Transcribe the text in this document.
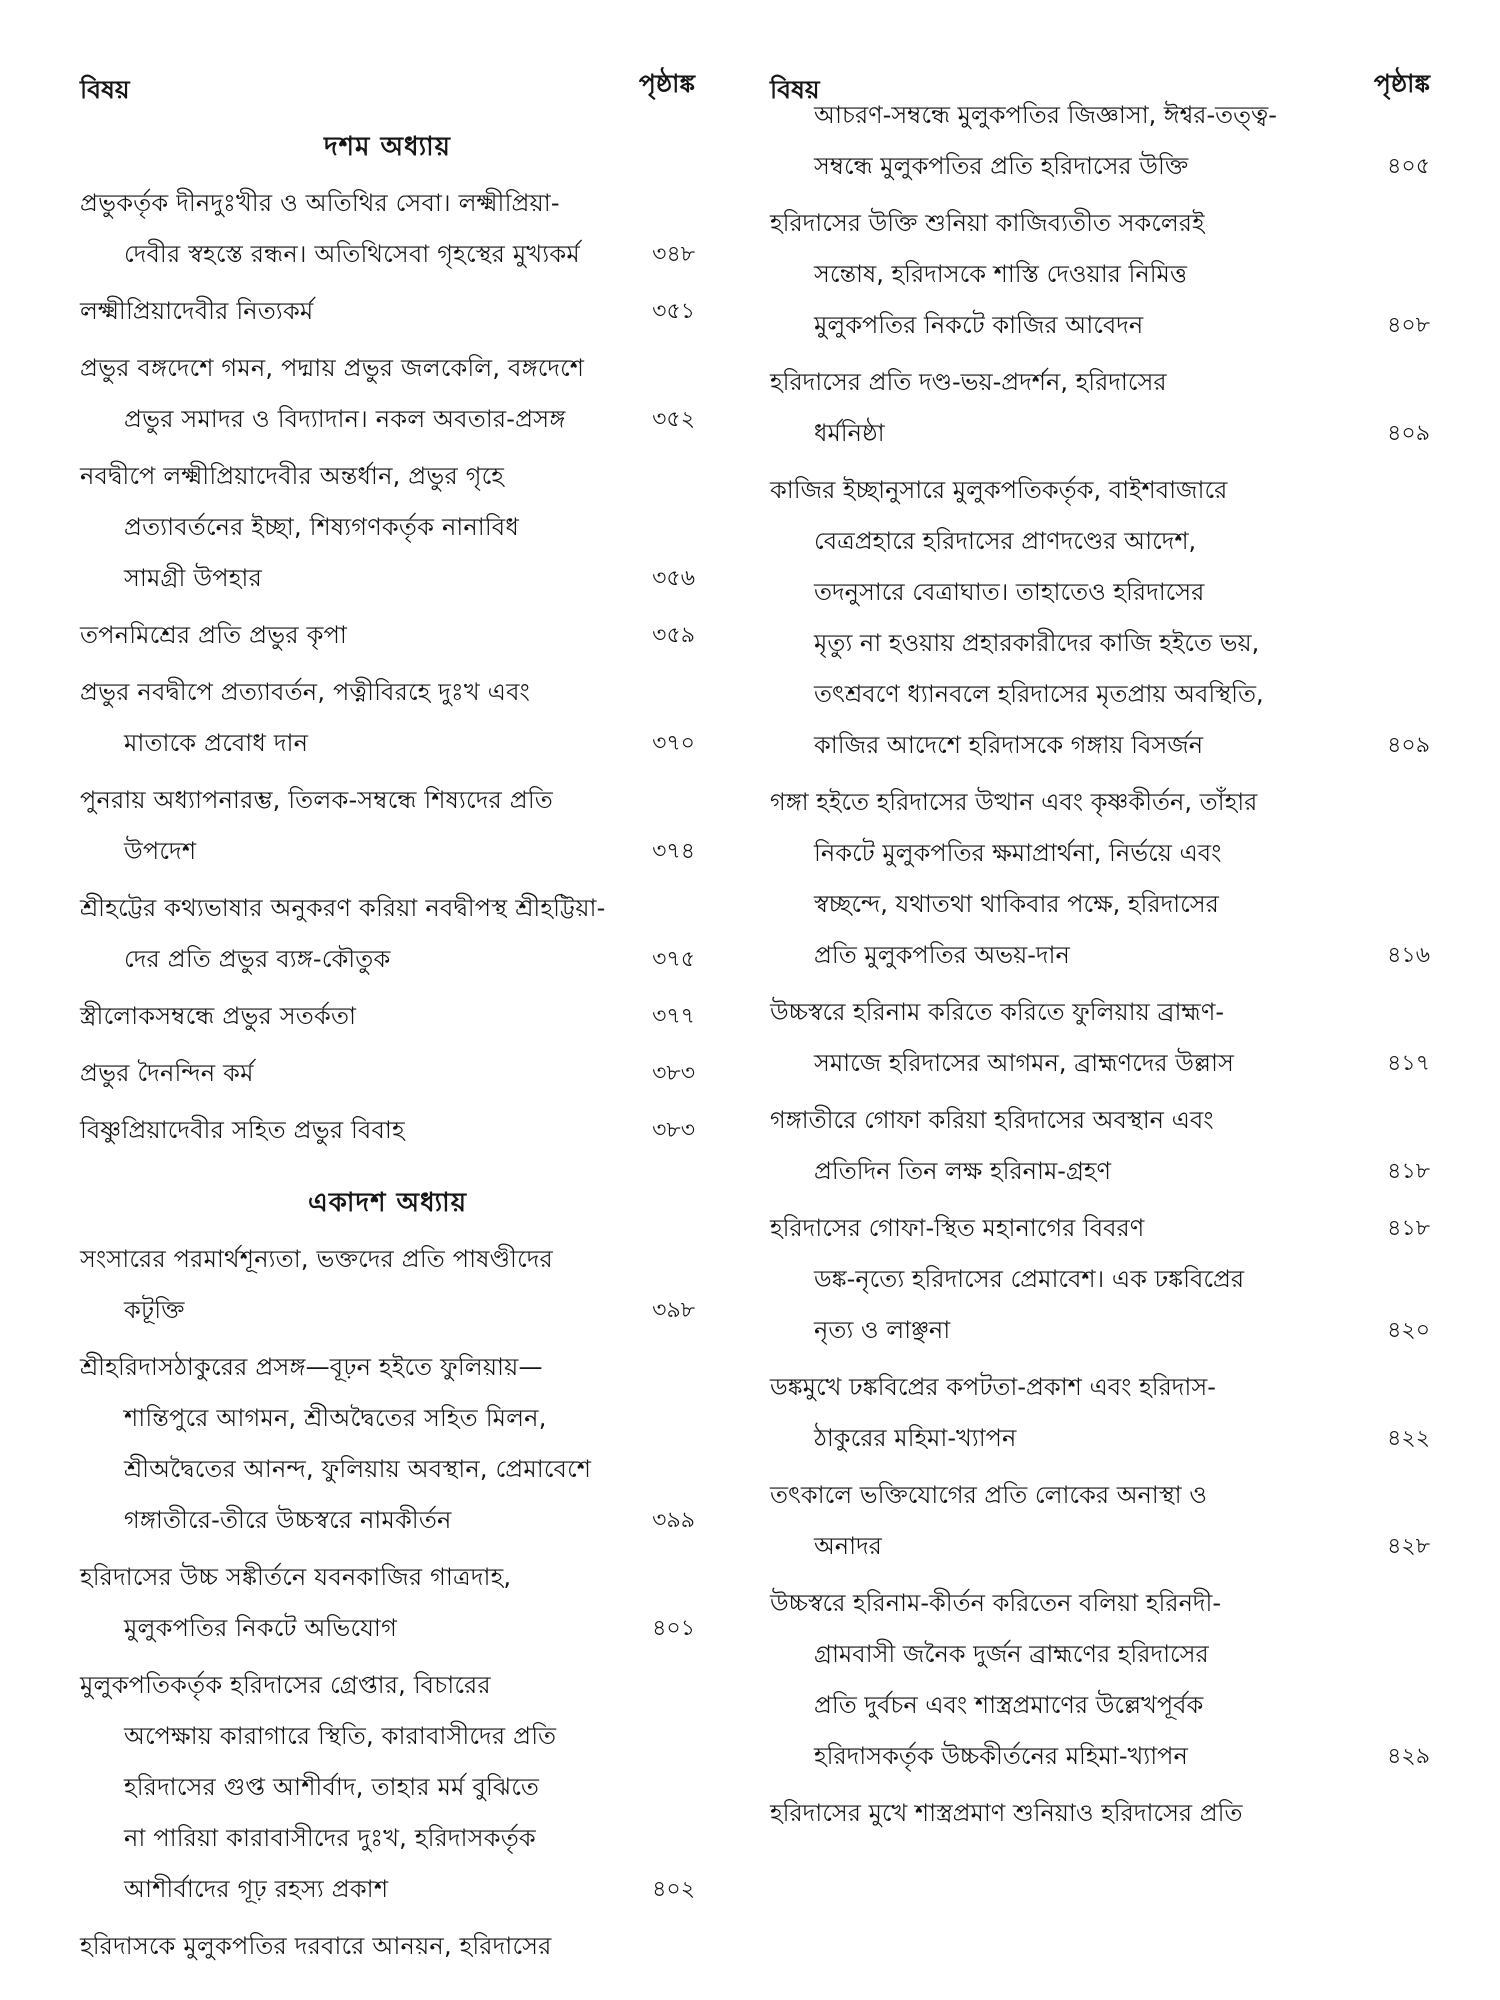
বিষয়	পৃষ্ঠাঙ্ক
দশম অধ্যায়
প্রভুকর্তৃক দীনদুঃখীর ও অতিথির সেবা। লক্ষ্মীপ্রিয়া-
দেবীর স্বহস্তে রন্ধন। অতিথিসেবা গৃহস্থের মুখ্যকর্ম	৩৪৮
লক্ষ্মীপ্রিয়াদেবীর নিত্যকর্ম	৩৫১
প্রভুর বঙ্গদেশে গমন, পদ্মায় প্রভুর জলকেলি, বঙ্গদেশে
প্রভুর সমাদর ও বিদ্যাদান। নকল অবতার-প্রসঙ্গ	৩৫২
নবদ্বীপে লক্ষ্মীপ্রিয়াদেবীর অন্তর্ধান, প্রভুর গৃহে
প্রত্যাবর্তনের ইচ্ছা, শিষ্যগণকর্তৃক নানাবিধ
সামগ্রী উপহার	৩৫৬
তপনমিশ্রের প্রতি প্রভুর কৃপা	৩৫৯
প্রভুর নবদ্বীপে প্রত্যাবর্তন, পত্নীবিরহে দুঃখ এবং
মাতাকে প্রবোধ দান	৩৭০
পুনরায় অধ্যাপনারম্ভ, তিলক-সম্বন্ধে শিষ্যদের প্রতি
উপদেশ	৩৭৪
শ্রীহট্টের কথ্যভাষার অনুকরণ করিয়া নবদ্বীপস্থ শ্রীহট্টিয়া-
দের প্রতি প্রভুর ব্যঙ্গ-কৌতুক	৩৭৫
স্ত্রীলোকসম্বন্ধে প্রভুর সতর্কতা	৩৭৭
প্রভুর দৈনন্দিন কর্ম	৩৮৩
বিষ্ণুপ্রিয়াদেবীর সহিত প্রভুর বিবাহ	৩৮৩
একাদশ অধ্যায়
সংসারের পরমার্থশূন্যতা, ভক্তদের প্রতি পাষণ্ডীদের
কটূক্তি	৩৯৮
শ্রীহরিদাসঠাকুরের প্রসঙ্গ—বূঢ়ন হইতে ফুলিয়ায়—
শান্তিপুরে আগমন, শ্রীঅদ্বৈতের সহিত মিলন,
শ্রীঅদ্বৈতের আনন্দ, ফুলিয়ায় অবস্থান, প্রেমাবেশে
গঙ্গাতীরে-তীরে উচ্চস্বরে নামকীর্তন	৩৯৯
হরিদাসের উচ্চ সঙ্কীর্তনে যবনকাজির গাত্রদাহ,
মুলুকপতির নিকটে অভিযোগ	৪০১
মুলুকপতিকর্তৃক হরিদাসের গ্রেপ্তার, বিচারের
অপেক্ষায় কারাগারে স্থিতি, কারাবাসীদের প্রতি
হরিদাসের গুপ্ত আশীর্বাদ, তাহার মর্ম বুঝিতে
না পারিয়া কারাবাসীদের দুঃখ, হরিদাসকর্তৃক
আশীর্বাদের গূঢ় রহস্য প্রকাশ	৪০২
হরিদাসকে মুলুকপতির দরবারে আনয়ন, হরিদাসের
বিষয়	পৃষ্ঠাঙ্ক
আচরণ-সম্বন্ধে মুলুকপতির জিজ্ঞাসা, ঈশ্বর-তত্ত্ব-
সম্বন্ধে মুলুকপতির প্রতি হরিদাসের উক্তি	৪০৫
হরিদাসের উক্তি শুনিয়া কাজিব্যতীত সকলেরই
সন্তোষ, হরিদাসকে শাস্তি দেওয়ার নিমিত্ত
মুলুকপতির নিকটে কাজির আবেদন	৪০৮
হরিদাসের প্রতি দণ্ড-ভয়-প্রদর্শন, হরিদাসের
ধর্মনিষ্ঠা	৪০৯
কাজির ইচ্ছানুসারে মুলুকপতিকর্তৃক, বাইশবাজারে
বেত্রপ্রহারে হরিদাসের প্রাণদণ্ডের আদেশ,
তদনুসারে বেত্রাঘাত। তাহাতেও হরিদাসের
মৃত্যু না হওয়ায় প্রহারকারীদের কাজি হইতে ভয়,
তৎশ্রবণে ধ্যানবলে হরিদাসের মৃতপ্রায় অবস্থিতি,
কাজির আদেশে হরিদাসকে গঙ্গায় বিসর্জন	৪০৯
গঙ্গা হইতে হরিদাসের উত্থান এবং কৃষ্ণকীর্তন, তাঁহার
নিকটে মুলুকপতির ক্ষমাপ্রার্থনা, নির্ভয়ে এবং
স্বচ্ছন্দে, যথাতথা থাকিবার পক্ষে, হরিদাসের
প্রতি মুলুকপতির অভয়-দান	৪১৬
উচ্চস্বরে হরিনাম করিতে করিতে ফুলিয়ায় ব্রাহ্মণ-
সমাজে হরিদাসের আগমন, ব্রাহ্মণদের উল্লাস	৪১৭
গঙ্গাতীরে গোফা করিয়া হরিদাসের অবস্থান এবং
প্রতিদিন তিন লক্ষ হরিনাম-গ্রহণ	৪১৮
হরিদাসের গোফা-স্থিত মহানাগের বিবরণ	৪১৮
ডঙ্ক-নৃত্যে হরিদাসের প্রেমাবেশ। এক ঢঙ্কবিপ্রের
নৃত্য ও লাঞ্ছনা	৪২০
ডঙ্কমুখে ঢঙ্কবিপ্রের কপটতা-প্রকাশ এবং হরিদাস-
ঠাকুরের মহিমা-খ্যাপন	৪২২
তৎকালে ভক্তিযোগের প্রতি লোকের অনাস্থা ও
অনাদর	৪২৮
উচ্চস্বরে হরিনাম-কীর্তন করিতেন বলিয়া হরিনদী-
গ্রামবাসী জনৈক দুর্জন ব্রাহ্মণের হরিদাসের
প্রতি দুর্বচন এবং শাস্ত্রপ্রমাণের উল্লেখপূর্বক
হরিদাসকর্তৃক উচ্চকীর্তনের মহিমা-খ্যাপন	৪২৯
হরিদাসের মুখে শাস্ত্রপ্রমাণ শুনিয়াও হরিদাসের প্রতি
